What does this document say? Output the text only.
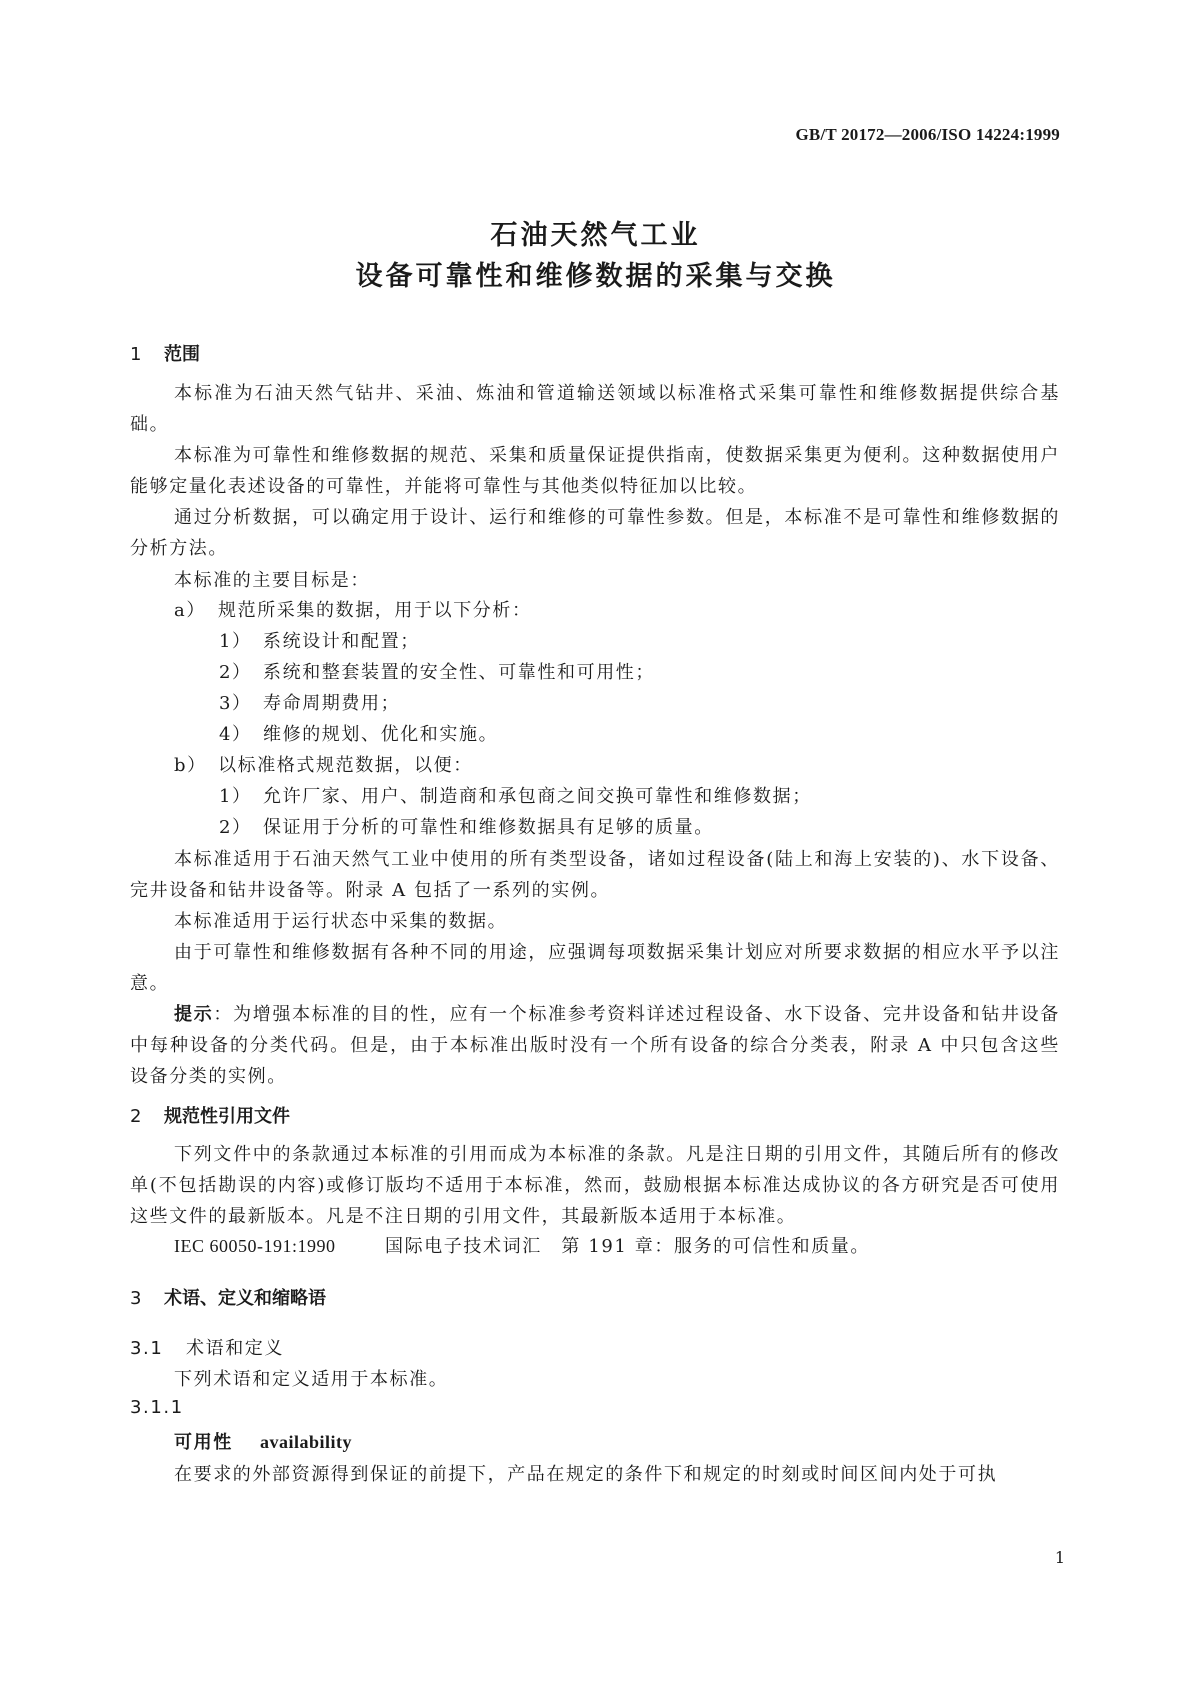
GB/T 20172—2006/ISO 14224:1999
石油天然气工业
设备可靠性和维修数据的采集与交换
1 范围
本标准为石油天然气钻井、采油、炼油和管道输送领域以标准格式采集可靠性和维修数据提供综合基础。
本标准为可靠性和维修数据的规范、采集和质量保证提供指南，使数据采集更为便利。这种数据使用户能够定量化表述设备的可靠性，并能将可靠性与其他类似特征加以比较。
通过分析数据，可以确定用于设计、运行和维修的可靠性参数。但是，本标准不是可靠性和维修数据的分析方法。
本标准的主要目标是：
a） 规范所采集的数据，用于以下分析：
1） 系统设计和配置；
2） 系统和整套装置的安全性、可靠性和可用性；
3） 寿命周期费用；
4） 维修的规划、优化和实施。
b） 以标准格式规范数据，以便：
1） 允许厂家、用户、制造商和承包商之间交换可靠性和维修数据；
2） 保证用于分析的可靠性和维修数据具有足够的质量。
本标准适用于石油天然气工业中使用的所有类型设备，诸如过程设备(陆上和海上安装的)、水下设备、完井设备和钻井设备等。附录 A 包括了一系列的实例。
本标准适用于运行状态中采集的数据。
由于可靠性和维修数据有各种不同的用途，应强调每项数据采集计划应对所要求数据的相应水平予以注意。
提示：为增强本标准的目的性，应有一个标准参考资料详述过程设备、水下设备、完井设备和钻井设备中每种设备的分类代码。但是，由于本标准出版时没有一个所有设备的综合分类表，附录 A 中只包含这些设备分类的实例。
2 规范性引用文件
下列文件中的条款通过本标准的引用而成为本标准的条款。凡是注日期的引用文件，其随后所有的修改单(不包括勘误的内容)或修订版均不适用于本标准，然而，鼓励根据本标准达成协议的各方研究是否可使用这些文件的最新版本。凡是不注日期的引用文件，其最新版本适用于本标准。
IEC 60050-191:1990	国际电子技术词汇　第 191 章：服务的可信性和质量。
3 术语、定义和缩略语
3.1 术语和定义
下列术语和定义适用于本标准。
3.1.1
可用性 availability
在要求的外部资源得到保证的前提下，产品在规定的条件下和规定的时刻或时间区间内处于可执
1
